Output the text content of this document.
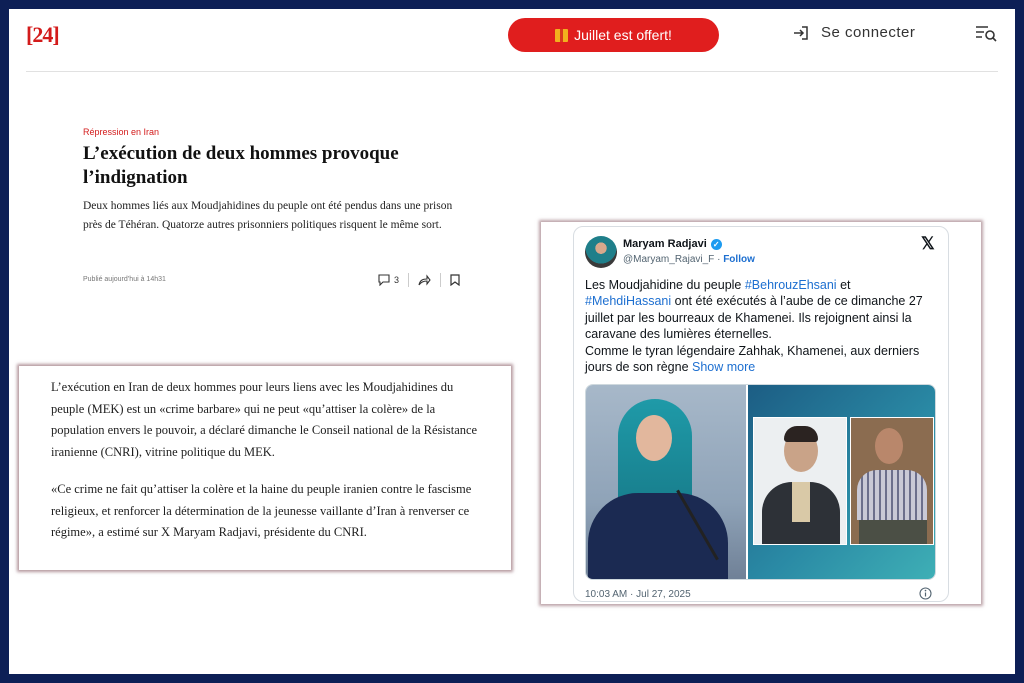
[24]	Juillet est offert!	Se connecter
Répression en Iran
L’exécution de deux hommes provoque l’indignation

Deux hommes liés aux Moudjahidines du peuple ont été pendus dans une prison près de Téhéran. Quatorze autres prisonniers politiques risquent le même sort.

Publié aujourd’hui à 14h31	3

L’exécution en Iran de deux hommes pour leurs liens avec les Moudjahidines du peuple (MEK) est un «crime barbare» qui ne peut «qu’attiser la colère» de la population envers le pouvoir, a déclaré dimanche le Conseil national de la Résistance iranienne (CNRI), vitrine politique du MEK.

«Ce crime ne fait qu’attiser la colère et la haine du peuple iranien contre le fascisme religieux, et renforcer la détermination de la jeunesse vaillante d’Iran à renverser ce régime», a estimé sur X Maryam Radjavi, présidente du CNRI.

Maryam Radjavi ✓
@Maryam_Rajavi_F · Follow
𝕏
Les Moudjahidine du peuple #BehrouzEhsani et
#MehdiHassani ont été exécutés à l’aube de ce dimanche 27 juillet par les bourreaux de Khamenei. Ils rejoignent ainsi la caravane des lumières éternelles.
Comme le tyran légendaire Zahhak, Khamenei, aux derniers jours de son règne Show more
10:03 AM · Jul 27, 2025
